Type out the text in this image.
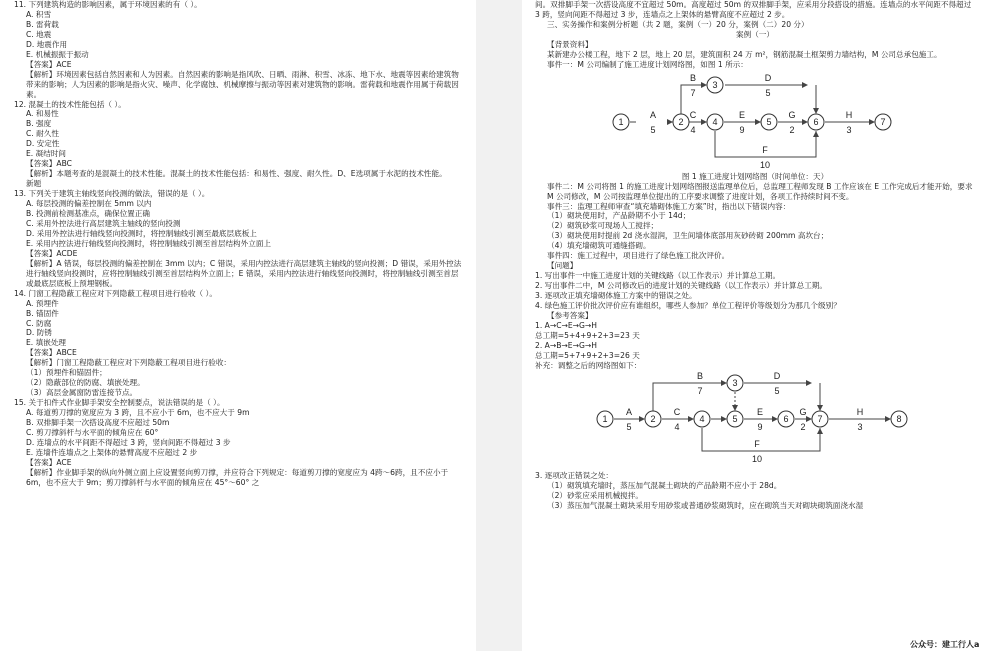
11. 下列建筑构造的影响因素，属于环境因素的有（ ）。

A. 积雪

B. 雷荷载

C. 地震

D. 地震作用

E. 机械振振于振动

【答案】ACE

【解析】环境因素包括自然因素和人为因素。自然因素的影响是指风吹、日晒、雨淋、积雪、冰冻、地下水、地震等因素给建筑物带来的影响；人为因素的影响是指火灾、噪声、化学腐蚀、机械摩擦与振动等因素对建筑物的影响。雷荷载和地震作用属于荷载因素。

12. 混凝土的技术性能包括（ ）。

A. 和易性

B. 强度

C. 耐久性

D. 安定性

E. 凝结时间

【答案】ABC

【解析】本题考查的是混凝土的技术性能。混凝土的技术性能包括：和易性、强度、耐久性。D、E选项属于水泥的技术性能。

新题

13. 下列关于建筑主轴线竖向投测的做法，错误的是（ ）。

A. 每层投测的偏差控制在 5mm 以内

B. 投测前检测基准点，确保位置正确

C. 采用外控法进行高层建筑主轴线的竖向投测

D. 采用外控法进行轴线竖向投测时，将控制轴线引测至最底层底板上

E. 采用内控法进行轴线竖向投测时，将控制轴线引测至首层结构外立面上

【答案】ACDE

【解析】A 错误，每层投测的偏差控制在 3mm 以内；C 错误，采用内控法进行高层建筑主轴线的竖向投测；D 错误，采用外控法进行轴线竖向投测时，应将控制轴线引测至首层结构外立面上；E 错误，采用内控法进行轴线竖向投测时，将控制轴线引测至首层或最底层底板上预埋钢板。

14. 门窗工程隐蔽工程应对下列隐蔽工程项目进行验收（ ）。

A. 预埋件

B. 锚固件

C. 防腐

D. 防锈

E. 填嵌处理

【答案】ABCE

【解析】门窗工程隐蔽工程应对下列隐蔽工程项目进行验收：

（1）预埋件和锚固件；

（2）隐蔽部位的防腐、填嵌处理。

（3）高层金属窗防雷连接节点。

15. 关于扣件式作业脚手架安全控制要点，说法错误的是（ ）。

A. 每道剪刀撑的宽度应为 3 跨，且不应小于 6m，也不应大于 9m

B. 双排脚手架一次搭设高度不应超过 50m

C. 剪刀撑斜杆与水平面的倾角应在 60°

D. 连墙点的水平间距不得超过 3 跨，竖向间距不得超过 3 步

E. 连墙件连墙点之上架体的悬臂高度不应超过 2 步

【答案】ACE

【解析】作业脚手架的纵向外侧立面上应设置竖向剪刀撑，并应符合下列规定：每道剪刀撑的宽度应为 4跨～6跨，且不应小于 6m，也不应大于 9m；剪刀撑斜杆与水平面的倾角应在 45°～60° 之

间。双排脚手架一次搭设高度不宜超过 50m。高度超过 50m 的双排脚手架，应采用分段搭设的措施。连墙点的水平间距不得超过 3 跨，竖向间距不得超过 3 步，连墙点之上架体的悬臂高度不应超过 2 步。

三、实务操作和案例分析题（共 2 题，案例（一）20 分，案例（二）20 分）

案例（一）

【背景资料】

某新建办公楼工程，地下 2 层，地上 20 层，建筑面积 24 万 m²，钢筋混凝土框架剪力墙结构，M 公司总承包施工。

事件一：M 公司编制了施工进度计划网络图，如图 1 所示：

1	2
3
4	5	6	7
A
5
B
7
C
4
D
5
E
9
F
10
G
2
H
3

图 1 施工进度计划网络图（时间单位：天）

事件二：M 公司将图 1 的施工进度计划网络图报送监理单位后，总监理工程师发现 B 工作应该在 E 工作完成后才能开始，要求 M 公司修改，M 公司按监理单位提出的工序要求调整了进度计划，各项工作持续时间不变。

事件三：监理工程师审查“填充墙砌体施工方案”时，指出以下错误内容：

（1）砌块使用时，产品龄期不小于 14d；

（2）砌筑砂浆可现场人工搅拌；

（3）砌块使用时提前 2d 浇水湿润，卫生间墙体底部用灰砂砖砌 200mm 高坎台；

（4）填充墙砌筑可通缝搭砌。

事件四：施工过程中，项目进行了绿色施工批次评价。

【问题】

1. 写出事件一中施工进度计划的关键线路（以工作表示）并计算总工期。

2. 写出事件二中，M 公司修改后的进度计划的关键线路（以工作表示）并计算总工期。

3. 逐项改正填充墙砌体施工方案中的错误之处。

4. 绿色施工评价批次评价应有谁组织，哪些人参加？单位工程评价等级划分为那几个级别？

【参考答案】

1. A→C→E→G→H

总工期=5+4+9+2+3=23 天

2. A→B→E→G→H

总工期=5+7+9+2+3=26 天

补充：调整之后的网络图如下：

1	2
3
4	5	6	7	8
A
5
B
7
C
4
D
5
E
9
F
10
G
2
H
3

3. 逐项改正错误之处：

（1）砌筑填充墙时，蒸压加气混凝土砌块的产品龄期不应小于 28d。

（2）砂浆应采用机械搅拌。

（3）蒸压加气混凝土砌块采用专用砂浆或普通砂浆砌筑时，应在砌筑当天对砌块砌筑面浇水湿

公众号：建工行人a
